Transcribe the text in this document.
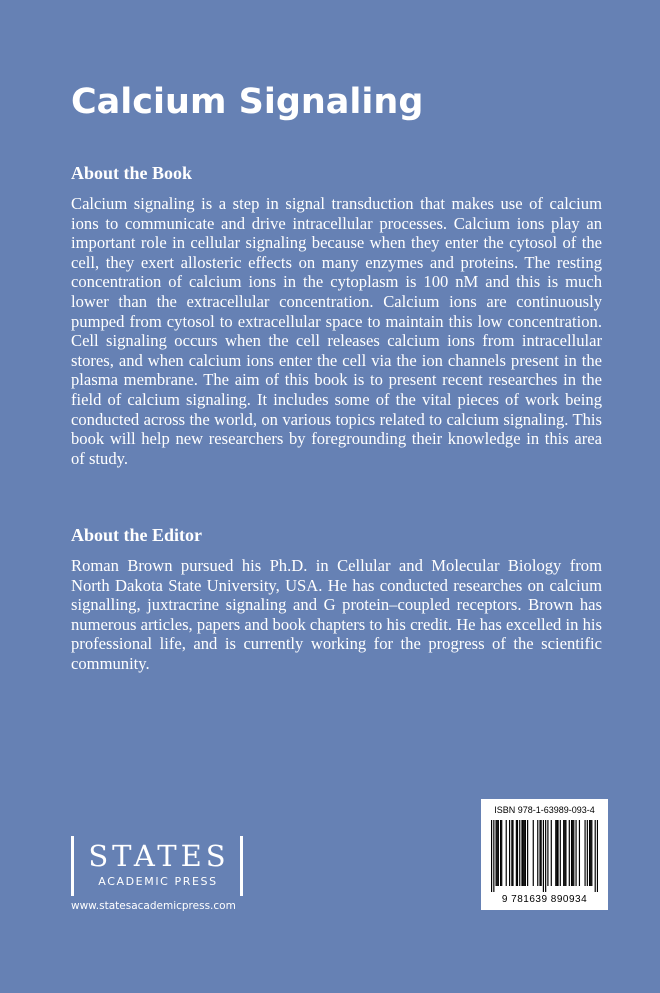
Calcium Signaling
About the Book

Calcium signaling is a step in signal transduction that makes use of calcium ions to communicate and drive intracellular processes. Calcium ions play an important role in cellular signaling because when they enter the cytosol of the cell, they exert allosteric effects on many enzymes and proteins. The resting concentration of calcium ions in the cytoplasm is 100 nM and this is much lower than the extracellular concentration. Calcium ions are continuously pumped from cytosol to extracellular space to maintain this low concentration. Cell signaling occurs when the cell releases calcium ions from intracellular stores, and when calcium ions enter the cell via the ion channels present in the plasma membrane. The aim of this book is to present recent researches in the field of calcium signaling. It includes some of the vital pieces of work being conducted across the world, on various topics related to calcium signaling. This book will help new researchers by foregrounding their knowledge in this area of study.

About the Editor

Roman Brown pursued his Ph.D. in Cellular and Molecular Biology from North Dakota State University, USA. He has conducted researches on calcium signalling, juxtracrine signaling and G protein–coupled receptors. Brown has numerous articles, papers and book chapters to his credit. He has excelled in his professional life, and is currently working for the progress of the scientific community.

STATES
ACADEMIC PRESS

www.statesacademicpress.com

ISBN 978-1-63989-093-4
9 781639 890934
